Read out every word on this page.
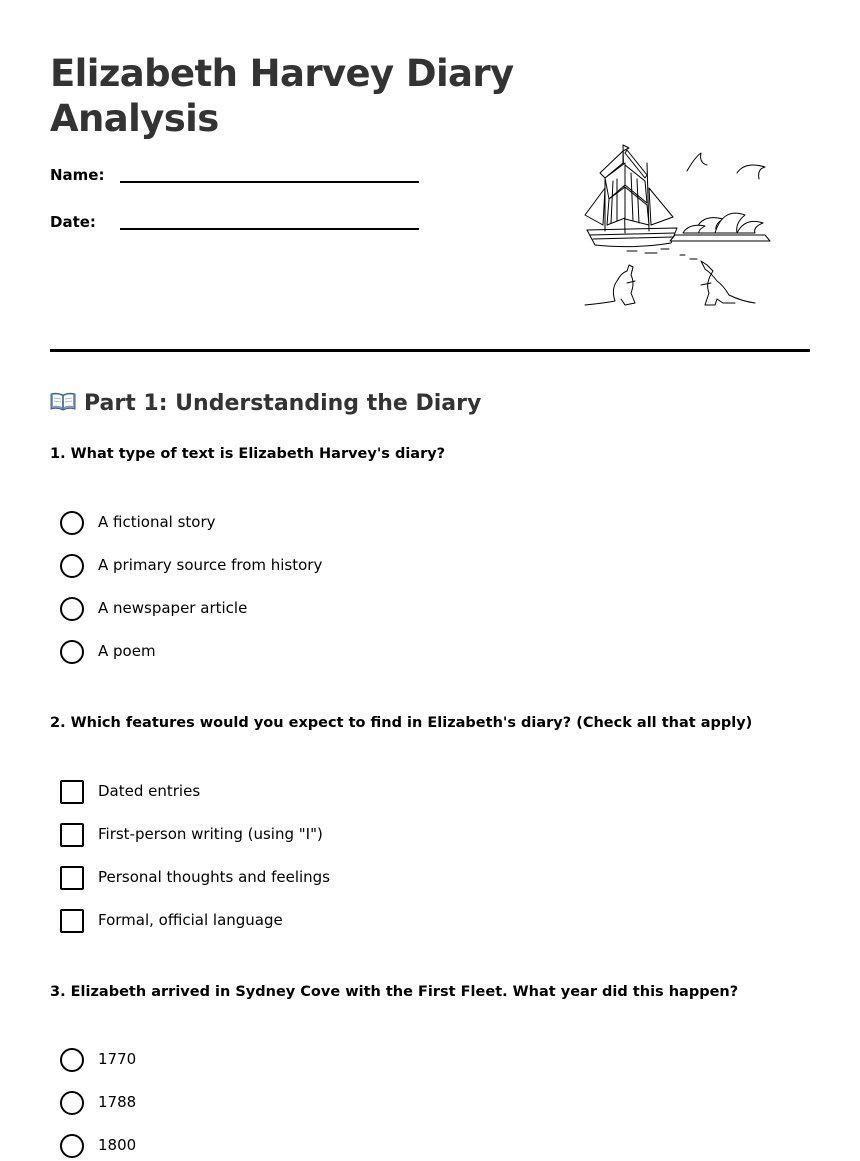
Elizabeth Harvey Diary Analysis
Name:
Date:
Part 1: Understanding the Diary

1. What type of text is Elizabeth Harvey's diary?

A fictional story
A primary source from history
A newspaper article
A poem

2. Which features would you expect to find in Elizabeth's diary? (Check all that apply)

Dated entries
First-person writing (using "I")
Personal thoughts and feelings
Formal, official language

3. Elizabeth arrived in Sydney Cove with the First Fleet. What year did this happen?

1770
1788
1800
